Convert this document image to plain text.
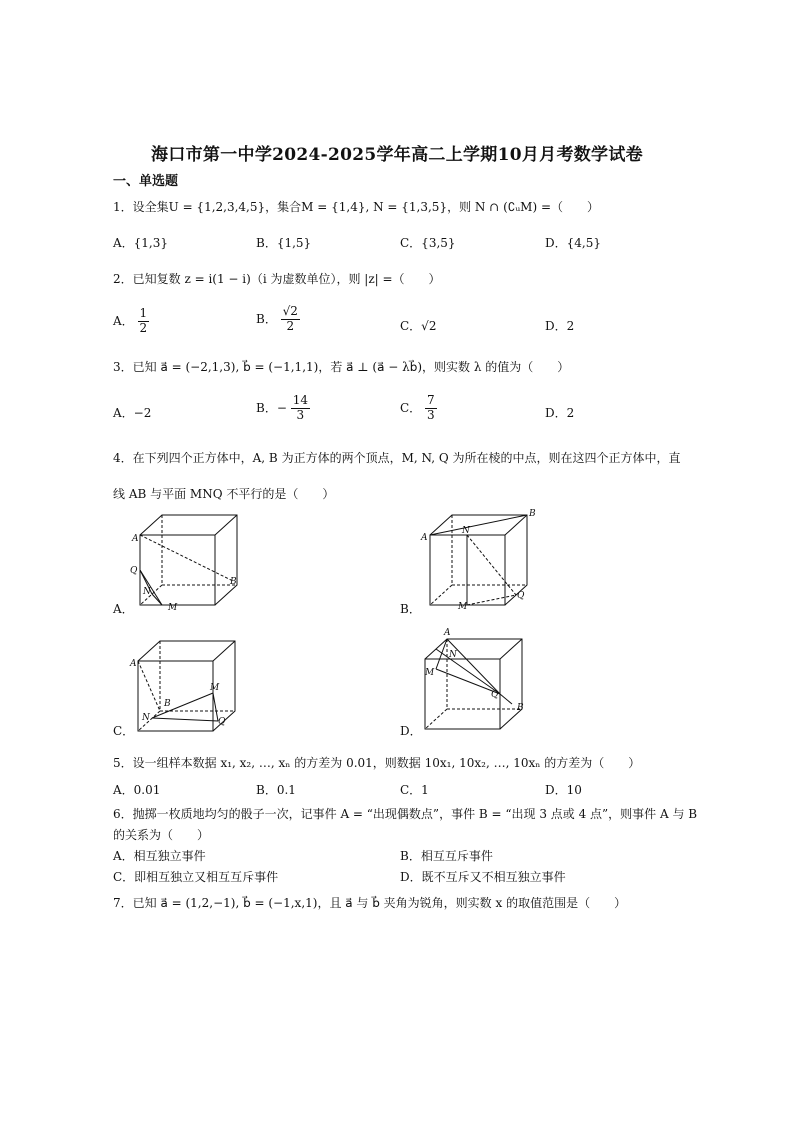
海口市第一中学2024-2025学年高二上学期10月月考数学试卷
一、单选题
1．设全集U = {1,2,3,4,5}，集合M = {1,4}, N = {1,3,5}，则 N ∩ (∁ᵤM) =（　　）
A．{1,3}	B．{1,5}	C．{3,5}	D．{4,5}
2．已知复数 z = i(1 − i)（i 为虚数单位），则 |z| =（　　）
A． $\frac{1}{2}$	B． $\frac{√2}{2}$	C．√2	D．2
3．已知 a⃗ = (−2,1,3), b⃗ = (−1,1,1)，若 a⃗ ⊥ (a⃗ − λb⃗)，则实数 λ 的值为（　　）
A．−2	B．− $\frac{14}{3}$	C． $\frac{7}{3}$	D．2
4．在下列四个正方体中，A, B 为正方体的两个顶点，M, N, Q 为所在棱的中点，则在这四个正方体中，直
线 AB 与平面 MNQ 不平行的是（　　）
A．
A
Q
N
M
B
B．
A
N
B
M
Q
C．
A
B
M
N	Q
D．
A
N
M
Q
B
5．设一组样本数据 x₁, x₂, …, xₙ 的方差为 0.01，则数据 10x₁, 10x₂, …, 10xₙ 的方差为（　　）
A．0.01	B．0.1	C．1	D．10
6．抛掷一枚质地均匀的骰子一次，记事件 A = “出现偶数点”，事件 B = “出现 3 点或 4 点”，则事件 A 与 B
的关系为（　　）
A．相互独立事件	B．相互互斥事件
C．即相互独立又相互互斥事件	D．既不互斥又不相互独立事件
7．已知 a⃗ = (1,2,−1), b⃗ = (−1,x,1)，且 a⃗ 与 b⃗ 夹角为锐角，则实数 x 的取值范围是（　　）
